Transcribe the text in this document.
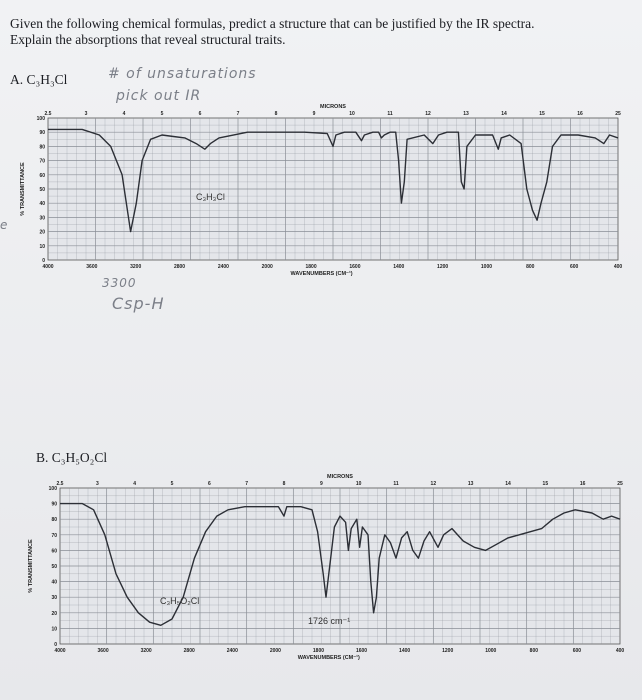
Given the following chemical formulas, predict a structure that can be justified by the IR spectra.
Explain the absorptions that reveal structural traits.
A. C₃H₃Cl	# of unsaturations
pick out IR
2.5	3	4	5	6	7	8	9	10	11	12	13	14	15	16	25
MICRONS
4000	3600	3200	2800	2400	2000	1800	1600	1400	1200	1000	800	600	400
WAVENUMBERS (CM⁻¹)
100
90
80
70
60
50
40
30
20
10
0
% TRANSMITTANCE	C₃H₃Cl
e
3300
Csp-H
B. C₃H₅O₂Cl
2.5	3	4	5	6	7	8	9	10	11	12	13	14	15	16	25
MICRONS
4000	3600	3200	2800	2400	2000	1800	1600	1400	1200	1000	800	600	400
WAVENUMBERS (CM⁻¹)
100
90
80
70
60
50
40
30
20
10
0
% TRANSMITTANCE
C₃H₅O₂Cl
1726 cm⁻¹
